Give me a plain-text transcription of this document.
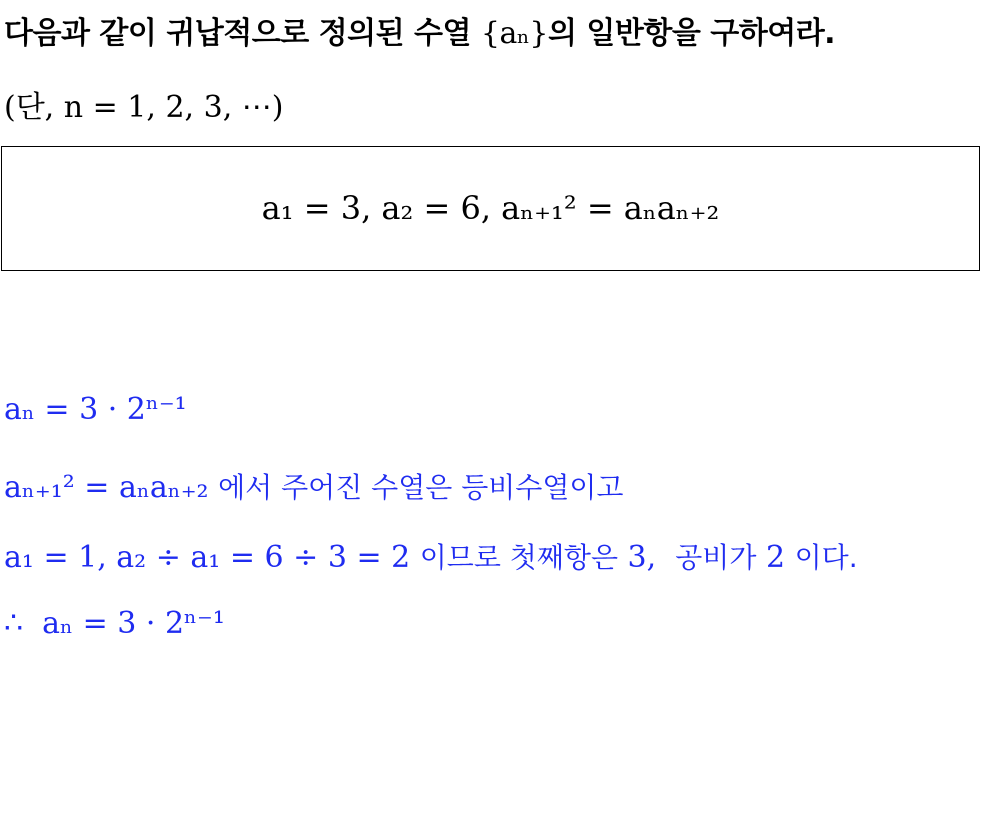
다음과 같이 귀납적으로 정의된 수열 {aₙ}의 일반항을 구하여라.
(단, n = 1, 2, 3, ⋯)
a₁ = 3, a₂ = 6, aₙ₊₁² = aₙaₙ₊₂
aₙ = 3 · 2ⁿ⁻¹
aₙ₊₁² = aₙaₙ₊₂ 에서 주어진 수열은 등비수열이고
a₁ = 1, a₂ ÷ a₁ = 6 ÷ 3 = 2 이므로 첫째항은 3, 공비가 2 이다.
∴ aₙ = 3 · 2ⁿ⁻¹
